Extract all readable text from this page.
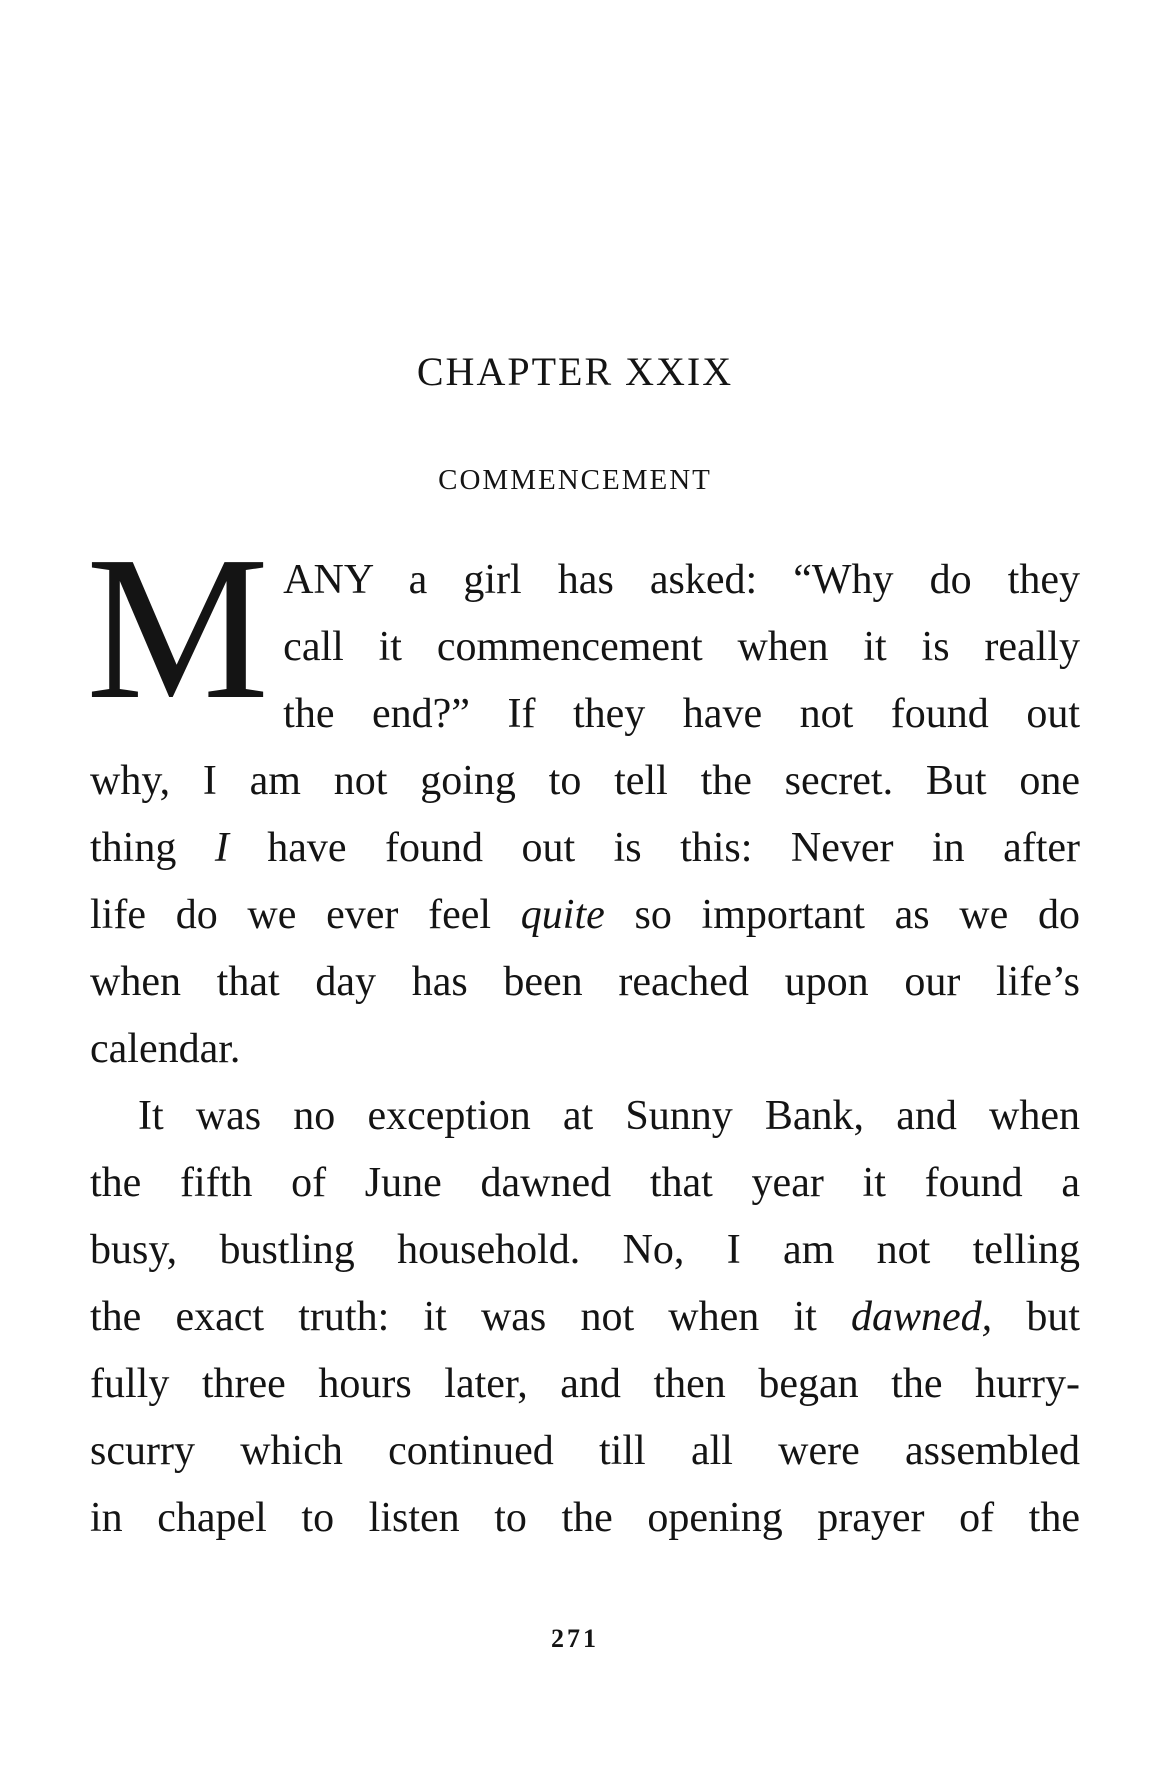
CHAPTER XXIX
COMMENCEMENT
M ANY a girl has asked: “Why do they
call it commencement when it is really
the end?” If they have not found out
why, I am not going to tell the secret. But one
thing I have found out is this: Never in after
life do we ever feel quite so important as we do
when that day has been reached upon our life’s
calendar.
It was no exception at Sunny Bank, and when
the fifth of June dawned that year it found a
busy, bustling household. No, I am not telling
the exact truth: it was not when it dawned, but
fully three hours later, and then began the hurry-
scurry which continued till all were assembled
in chapel to listen to the opening prayer of the
271
